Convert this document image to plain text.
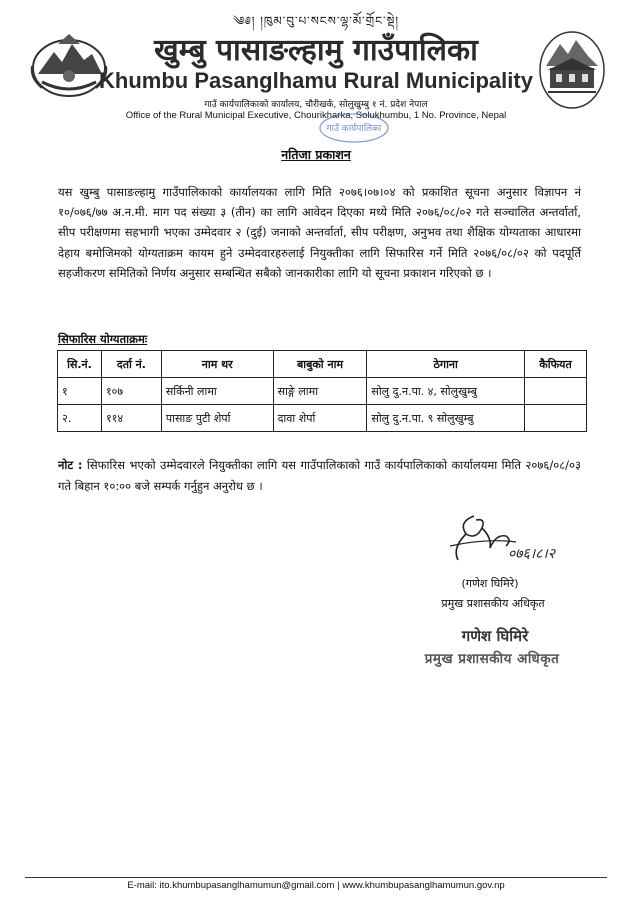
༄༅། །ཁུམ་བུ་པ་སངས་ལྷ་མོ་གྲོང་སྡེ།
खुम्बु पासाङल्हामु गाउँपालिका
Khumbu Pasanglhamu Rural Municipality
गाउँ कार्यपालिकाको कार्यालय, चौरीखर्क, सोलुखुम्बु १ नं. प्रदेश नेपाल
Office of the Rural Municipal Executive, Chourikharka, Solukhumbu, 1 No. Province, Nepal
गाउँ कार्यपालिका
नतिजा प्रकाशन
यस खुम्बु पासाङल्हामु गाउँपालिकाको कार्यालयका लागि मिति २०७६।०७।०४ को प्रकाशित सूचना अनुसार विज्ञापन नं १०/०७६/७७ अ.न.मी. माग पद संख्या ३ (तीन) का लागि आवेदन दिएका मध्ये मिति २०७६/०८/०२ गते सञ्चालित अन्तर्वार्ता, सीप परीक्षणमा सहभागी भएका उम्मेदवार २ (दुई) जनाको अन्तर्वार्ता, सीप परीक्षण, अनुभव तथा शैक्षिक योग्यताका आधारमा देहाय बमोजिमको योग्यताक्रम कायम हुने उम्मेदवारहरुलाई नियुक्तीका लागि सिफारिस गर्ने मिति २०७६/०८/०२ को पदपूर्ति सहजीकरण समितिको निर्णय अनुसार सम्बन्धित सबैको जानकारीका लागि यो सूचना प्रकाशन गरिएको छ ।
सिफारिस योग्यताक्रमः
सि.नं.	दर्ता नं.	नाम थर	बाबुको नाम	ठेगाना	कैफियत
१	१०७	सर्किनी लामा	साङ्गे लामा	सोलु दु.न.पा. ४, सोलुखुम्बु	
२.	११४	पासाङ पुटी शेर्पा	दावा शेर्पा	सोलु दु.न.पा. ९ सोलुखुम्बु	
नोट : सिफारिस भएको उम्मेदवारले नियुक्तीका लागि यस गाउँपालिकाको गाउँ कार्यपालिकाको कार्यालयमा मिति २०७६/०८/०३ गते बिहान १०:०० बजे सम्पर्क गर्नुहुन अनुरोध छ ।
०७६।८।२
(गणेश घिमिरे)
प्रमुख प्रशासकीय अधिकृत
गणेश घिमिरे
प्रमुख प्रशासकीय अधिकृत
E-mail: ito.khumbupasanglhamumun@gmail.com | www.khumbupasanglhamumun.gov.np
